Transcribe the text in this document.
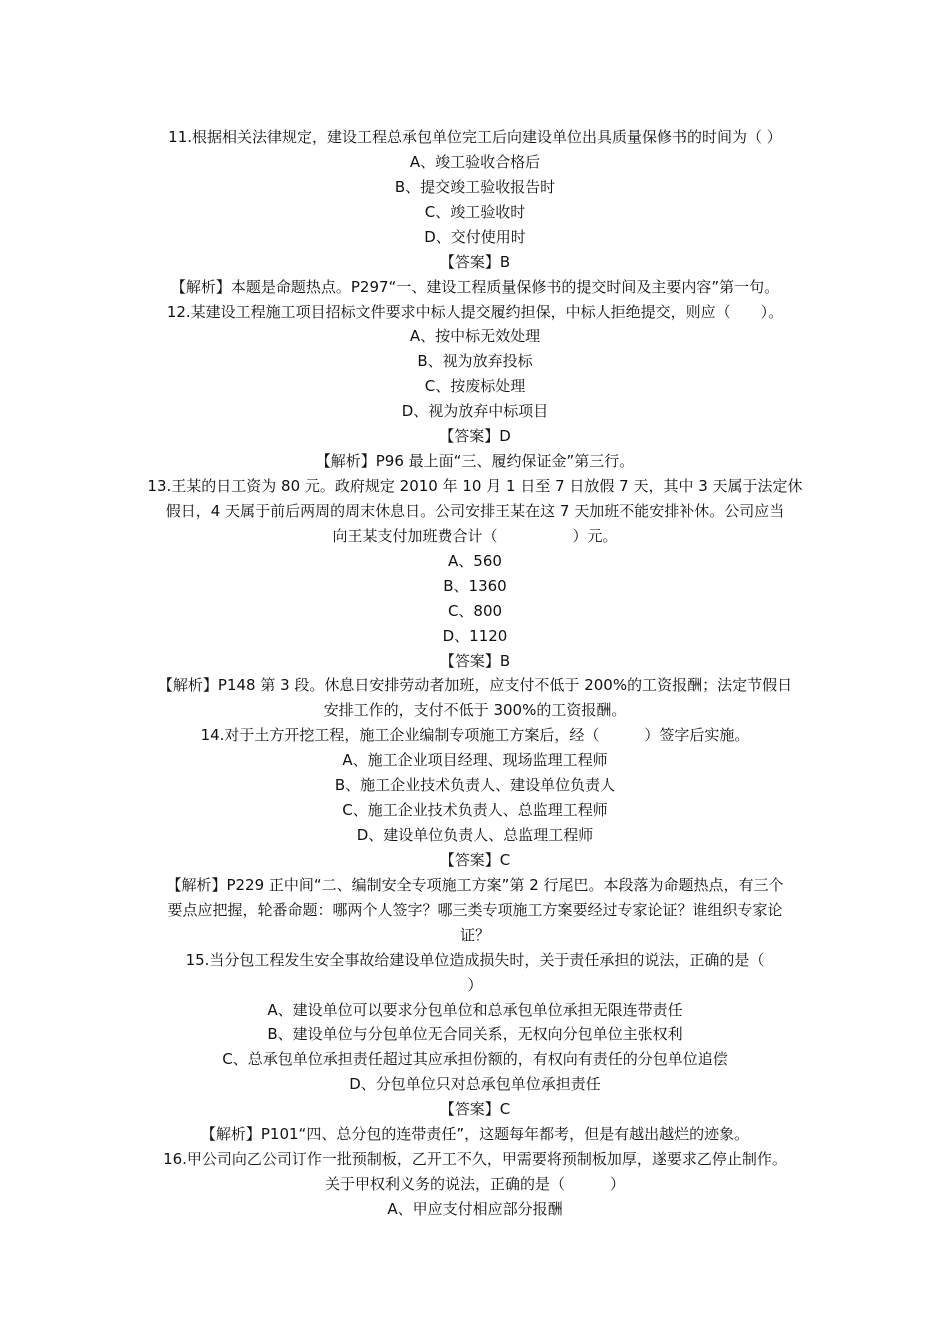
11.根据相关法律规定，建设工程总承包单位完工后向建设单位出具质量保修书的时间为（ ）
A、竣工验收合格后
B、提交竣工验收报告时
C、竣工验收时
D、交付使用时
【答案】B
【解析】本题是命题热点。P297“一、建设工程质量保修书的提交时间及主要内容”第一句。
12.某建设工程施工项目招标文件要求中标人提交履约担保，中标人拒绝提交，则应（　　）。
A、按中标无效处理
B、视为放弃投标
C、按废标处理
D、视为放弃中标项目
【答案】D
【解析】P96 最上面“三、履约保证金”第三行。
13.王某的日工资为 80 元。政府规定 2010 年 10 月 1 日至 7 日放假 7 天，其中 3 天属于法定休
假日，4 天属于前后两周的周末休息日。公司安排王某在这 7 天加班不能安排补休。公司应当
向王某支付加班费合计（　　　　　）元。
A、560
B、1360
C、800
D、1120
【答案】B
【解析】P148 第 3 段。休息日安排劳动者加班，应支付不低于 200%的工资报酬；法定节假日
安排工作的，支付不低于 300%的工资报酬。
14.对于土方开挖工程，施工企业编制专项施工方案后，经（　　　）签字后实施。
A、施工企业项目经理、现场监理工程师
B、施工企业技术负责人、建设单位负责人
C、施工企业技术负责人、总监理工程师
D、建设单位负责人、总监理工程师
【答案】C
【解析】P229 正中间“二、编制安全专项施工方案”第 2 行尾巴。本段落为命题热点，有三个
要点应把握，轮番命题：哪两个人签字？哪三类专项施工方案要经过专家论证？谁组织专家论
证？
15.当分包工程发生安全事故给建设单位造成损失时，关于责任承担的说法，正确的是（
）
A、建设单位可以要求分包单位和总承包单位承担无限连带责任
B、建设单位与分包单位无合同关系，无权向分包单位主张权利
C、总承包单位承担责任超过其应承担份额的，有权向有责任的分包单位追偿
D、分包单位只对总承包单位承担责任
【答案】C
【解析】P101“四、总分包的连带责任”，这题每年都考，但是有越出越烂的迹象。
16.甲公司向乙公司订作一批预制板，乙开工不久，甲需要将预制板加厚，遂要求乙停止制作。
关于甲权利义务的说法，正确的是（　　　）
A、甲应支付相应部分报酬
